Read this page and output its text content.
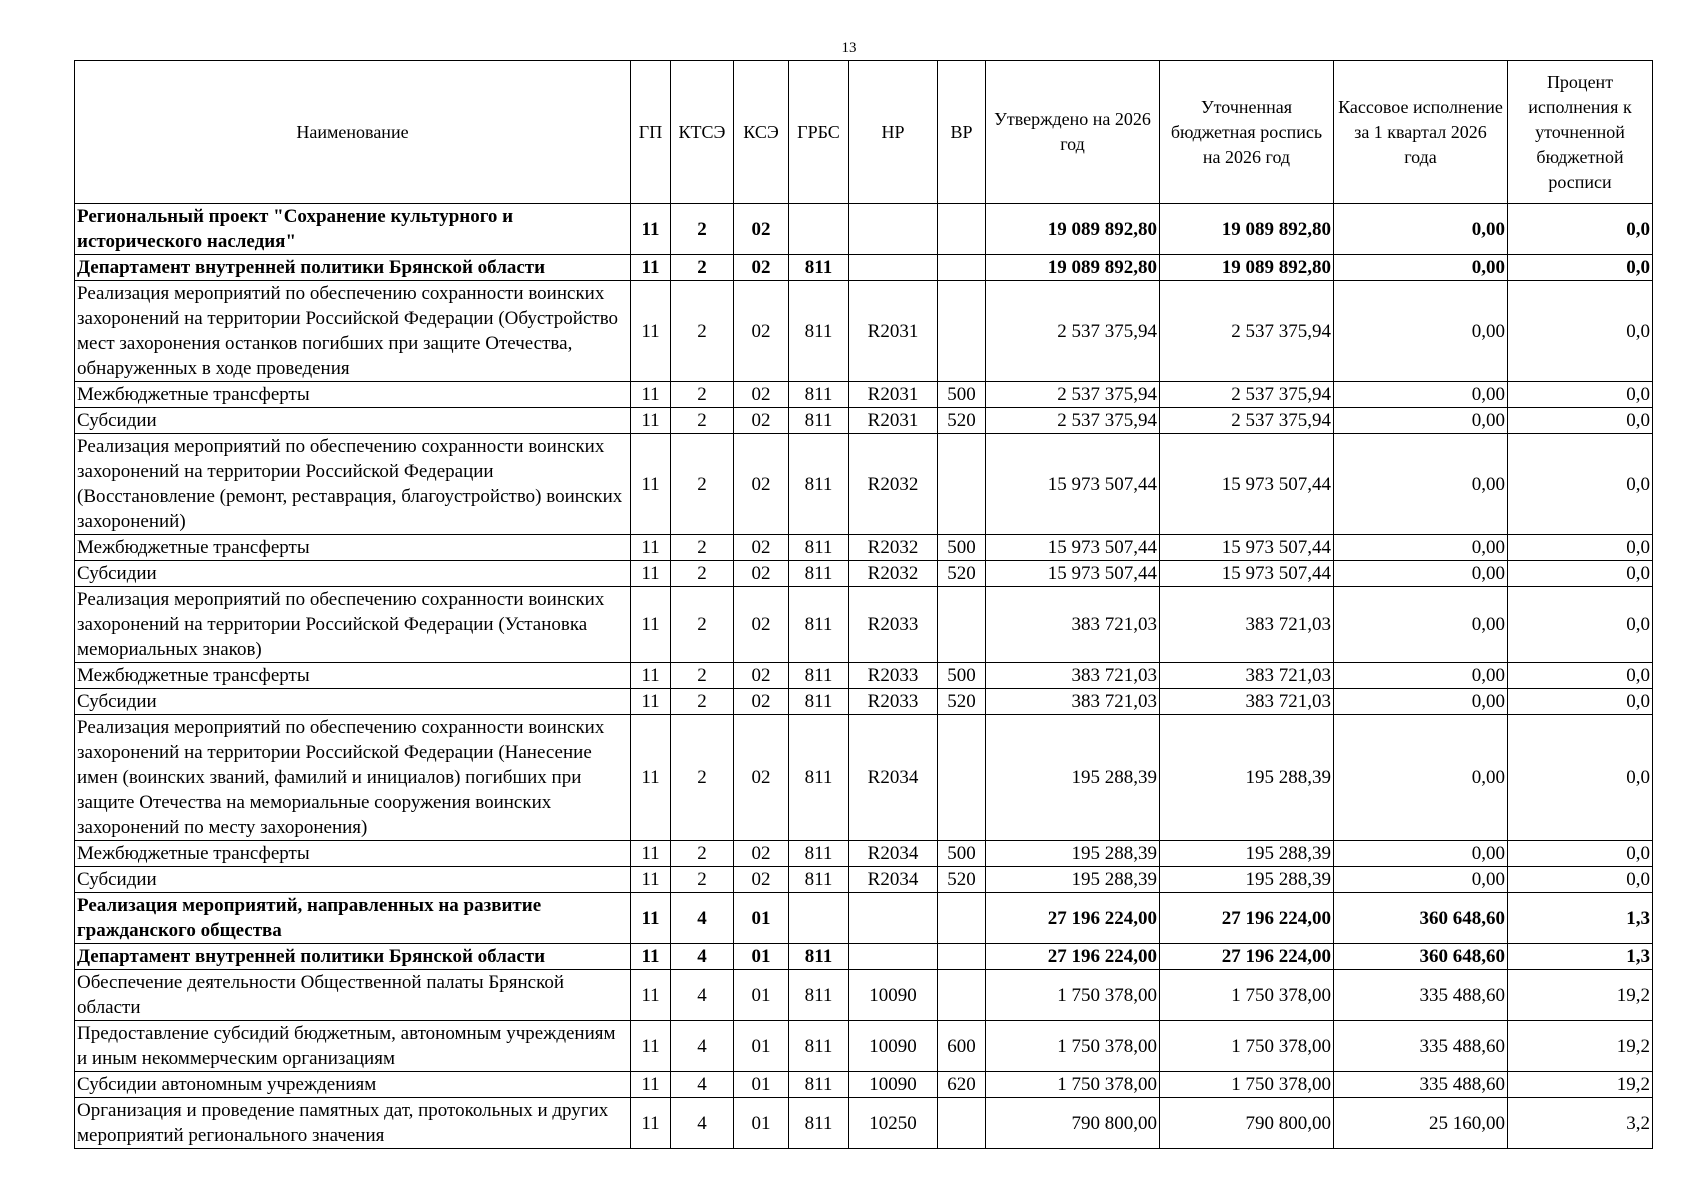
13
Наименование	ГП	КТСЭ	КСЭ	ГРБС	НР	ВР	Утверждено на 2026 год	Уточненная бюджетная роспись на 2026 год	Кассовое исполнение за 1 квартал 2026 года	Процент исполнения к уточненной бюджетной росписи
Региональный проект "Сохранение культурного и исторического наследия"	11	2	02				19 089 892,80	19 089 892,80	0,00	0,0
Департамент внутренней политики Брянской области	11	2	02	811			19 089 892,80	19 089 892,80	0,00	0,0
Реализация мероприятий по обеспечению сохранности воинских захоронений на территории Российской Федерации (Обустройство мест захоронения останков погибших при защите Отечества, обнаруженных в ходе проведения	11	2	02	811	R2031		2 537 375,94	2 537 375,94	0,00	0,0
Межбюджетные трансферты	11	2	02	811	R2031	500	2 537 375,94	2 537 375,94	0,00	0,0
Субсидии	11	2	02	811	R2031	520	2 537 375,94	2 537 375,94	0,00	0,0
Реализация мероприятий по обеспечению сохранности воинских захоронений на территории Российской Федерации (Восстановление (ремонт, реставрация, благоустройство) воинских захоронений)	11	2	02	811	R2032		15 973 507,44	15 973 507,44	0,00	0,0
Межбюджетные трансферты	11	2	02	811	R2032	500	15 973 507,44	15 973 507,44	0,00	0,0
Субсидии	11	2	02	811	R2032	520	15 973 507,44	15 973 507,44	0,00	0,0
Реализация мероприятий по обеспечению сохранности воинских захоронений на территории Российской Федерации (Установка мемориальных знаков)	11	2	02	811	R2033		383 721,03	383 721,03	0,00	0,0
Межбюджетные трансферты	11	2	02	811	R2033	500	383 721,03	383 721,03	0,00	0,0
Субсидии	11	2	02	811	R2033	520	383 721,03	383 721,03	0,00	0,0
Реализация мероприятий по обеспечению сохранности воинских захоронений на территории Российской Федерации (Нанесение имен (воинских званий, фамилий и инициалов) погибших при защите Отечества на мемориальные сооружения воинских захоронений по месту захоронения)	11	2	02	811	R2034		195 288,39	195 288,39	0,00	0,0
Межбюджетные трансферты	11	2	02	811	R2034	500	195 288,39	195 288,39	0,00	0,0
Субсидии	11	2	02	811	R2034	520	195 288,39	195 288,39	0,00	0,0
Реализация мероприятий, направленных на развитие гражданского общества	11	4	01				27 196 224,00	27 196 224,00	360 648,60	1,3
Департамент внутренней политики Брянской области	11	4	01	811			27 196 224,00	27 196 224,00	360 648,60	1,3
Обеспечение деятельности Общественной палаты Брянской области	11	4	01	811	10090		1 750 378,00	1 750 378,00	335 488,60	19,2
Предоставление субсидий бюджетным, автономным учреждениям и иным некоммерческим организациям	11	4	01	811	10090	600	1 750 378,00	1 750 378,00	335 488,60	19,2
Субсидии автономным учреждениям	11	4	01	811	10090	620	1 750 378,00	1 750 378,00	335 488,60	19,2
Организация и проведение памятных дат, протокольных и других мероприятий регионального значения	11	4	01	811	10250		790 800,00	790 800,00	25 160,00	3,2
